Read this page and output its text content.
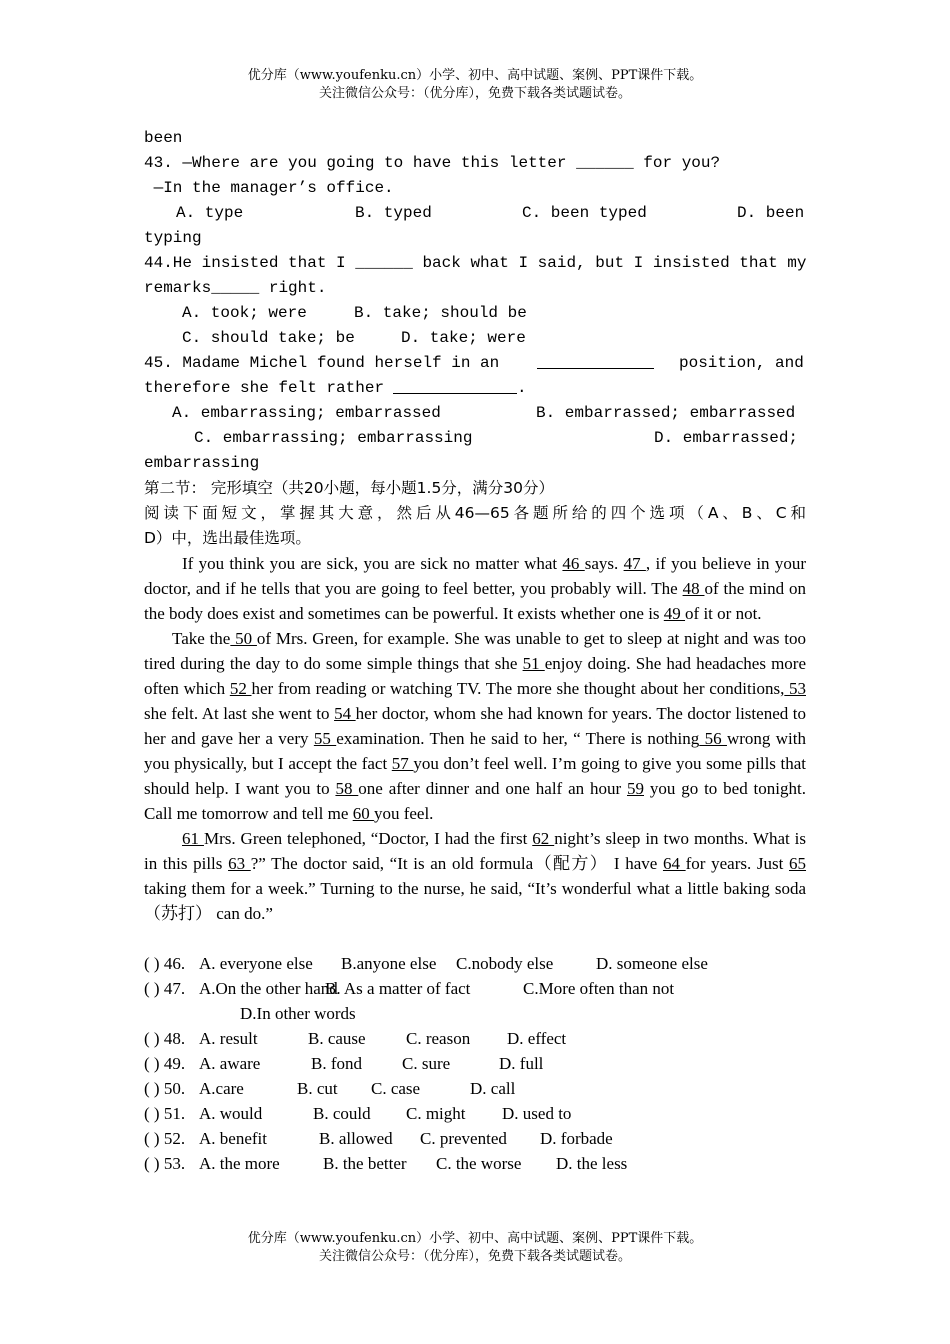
优分库（www.youfenku.cn）小学、初中、高中试题、案例、PPT课件下载。
关注微信公众号：（优分库），免费下载各类试题试卷。
been
43. —Where are you going to have this letter ______ for you?
—In the manager’s office.
A. type	B. typed	C. been typed	D. been
typing
44.He insisted that I ______ back what I said, but I insisted that my
remarks_____ right.
A. took; were	B. take; should be
C. should take; be	D. take; were
45. Madame Michel found herself in an	position, and
therefore she felt rather	.
A. embarrassing; embarrassed	B. embarrassed; embarrassed
C. embarrassing; embarrassing	D. embarrassed;
embarrassing
第二节： 完形填空（共20小题，每小题1.5分，满分30分）
阅读下面短文，掌握其大意，然后从46—65各题所给的四个选项（A、B、C和
D）中，选出最佳选项。
If you think you are sick, you are sick no matter what 46 says. 47 , if you believe in your doctor, and if he tells that you are going to feel better, you probably will. The 48 of the mind on the body does exist and sometimes can be powerful. It exists whether one is 49 of it or not.
Take the 50 of Mrs. Green, for example. She was unable to get to sleep at night and was too tired during the day to do some simple things that she 51 enjoy doing. She had headaches more often which 52 her from reading or watching TV. The more she thought about her conditions, 53 she felt. At last she went to 54 her doctor, whom she had known for years. The doctor listened to her and gave her a very 55 examination. Then he said to her, “ There is nothing 56 wrong with you physically, but I accept the fact 57 you don’t feel well. I’m going to give you some pills that should help. I want you to 58 one after dinner and one half an hour 59 you go to bed tonight. Call me tomorrow and tell me 60 you feel.
61 Mrs. Green telephoned, “Doctor, I had the first 62 night’s sleep in two months. What is in this pills 63 ?” The doctor said, “It is an old formula（配方） I have 64 for years. Just 65 taking them for a week.” Turning to the nurse, he said, “It’s wonderful what a little baking soda（苏打） can do.”
( ) 46. A. everyone else B.anyone else C.nobody else	D. someone else
( ) 47. A.On the other hand
B. As a matter of fact	C.More often than not
D.In other words
( ) 48. A. result	B. cause C. reason D. effect
( ) 49. A. aware	B. fond C. sure	D. full
( ) 50. A.care	B. cut C. case	D. call
( ) 51. A. would	B. could C. might D. used to
( ) 52. A. benefit	B. allowed C. prevented D. forbade
( ) 53. A. the more	B. the better C. the worse D. the less
优分库（www.youfenku.cn）小学、初中、高中试题、案例、PPT课件下载。
关注微信公众号：（优分库），免费下载各类试题试卷。
